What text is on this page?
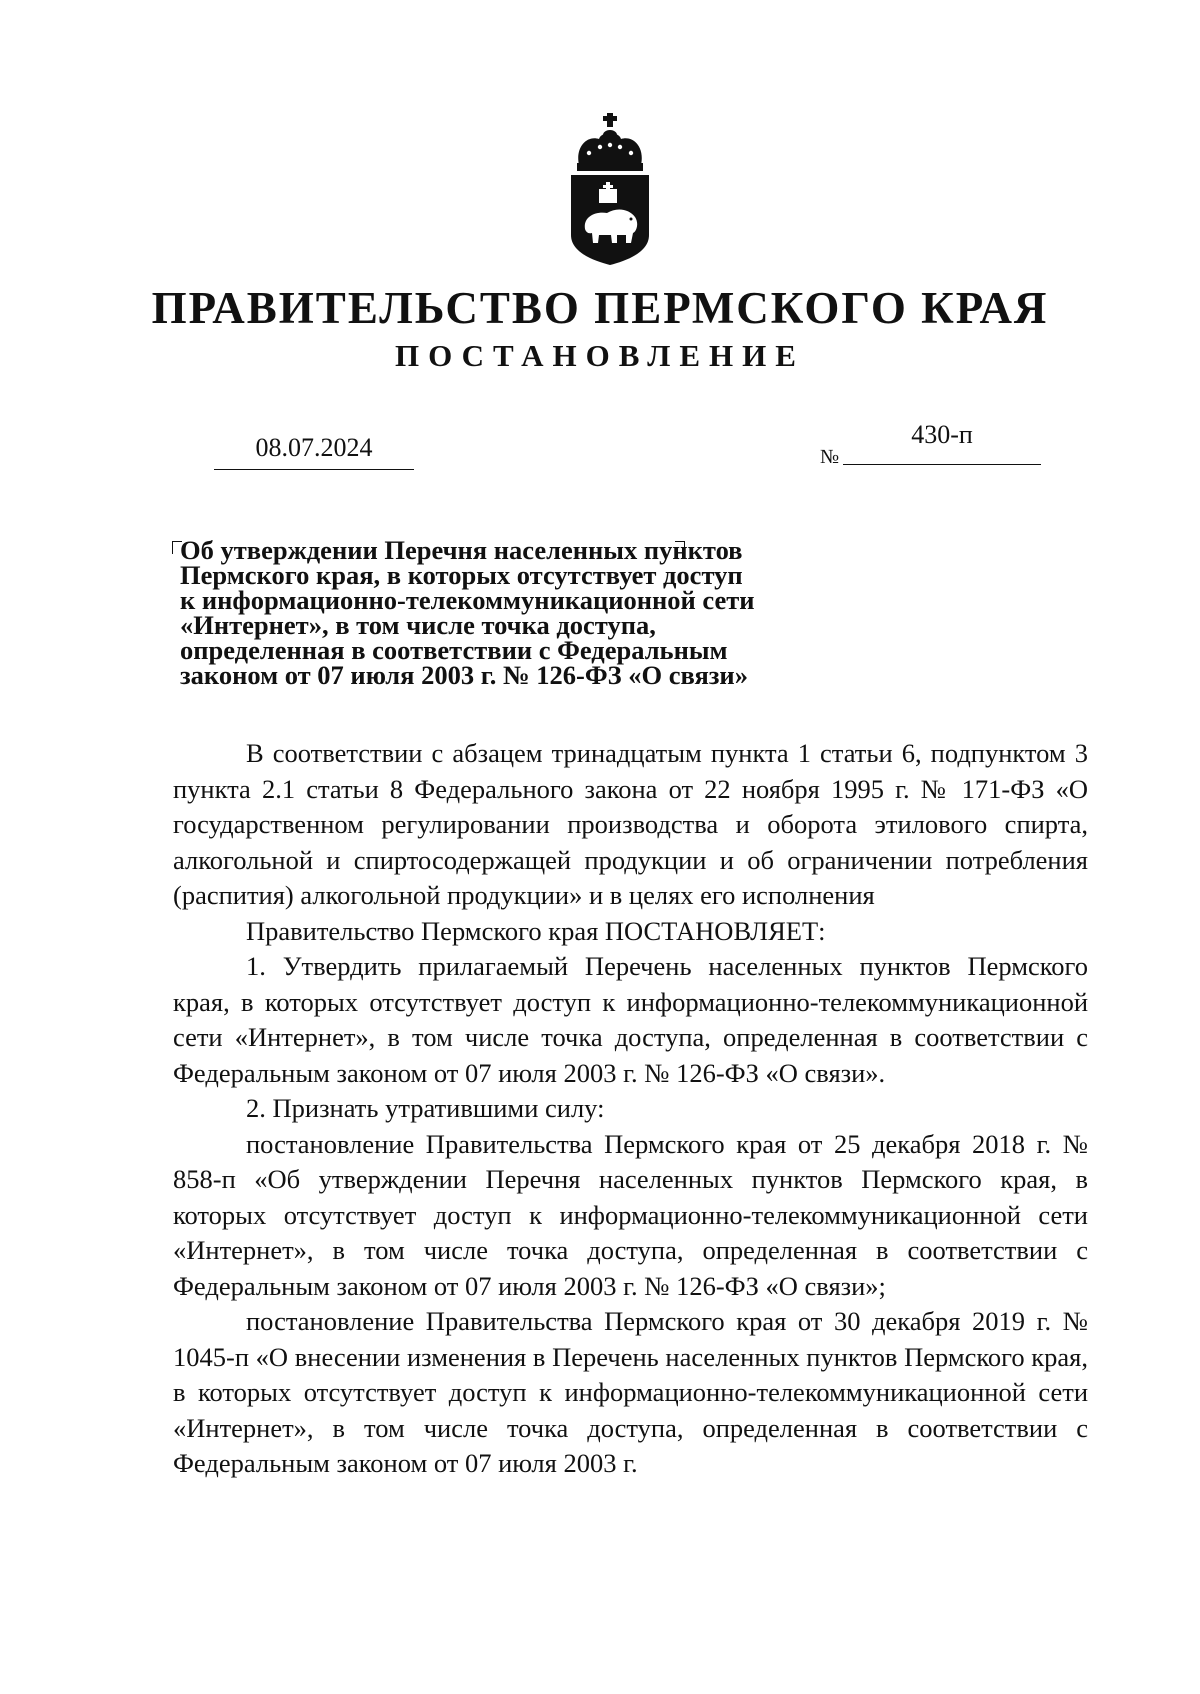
ПРАВИТЕЛЬСТВО ПЕРМСКОГО КРАЯ
ПОСТАНОВЛЕНИЕ
08.07.2024	№
430-п
Об утверждении Перечня населенных пунктов
Пермского края, в которых отсутствует доступ
к информационно-телекоммуникационной сети
«Интернет», в том числе точка доступа,
определенная в соответствии с Федеральным
законом от 07 июля 2003 г. № 126-ФЗ «О связи»

В соответствии с абзацем тринадцатым пункта 1 статьи 6, подпунктом 3 пункта 2.1 статьи 8 Федерального закона от 22 ноября 1995 г. № 171-ФЗ «О государственном регулировании производства и оборота этилового спирта, алкогольной и спиртосодержащей продукции и об ограничении потребления (распития) алкогольной продукции» и в целях его исполнения

Правительство Пермского края ПОСТАНОВЛЯЕТ:

1. Утвердить прилагаемый Перечень населенных пунктов Пермского края, в которых отсутствует доступ к информационно-телекоммуникационной сети «Интернет», в том числе точка доступа, определенная в соответствии с Федеральным законом от 07 июля 2003 г. № 126-ФЗ «О связи».

2. Признать утратившими силу:

постановление Правительства Пермского края от 25 декабря 2018 г. № 858-п «Об утверждении Перечня населенных пунктов Пермского края, в которых отсутствует доступ к информационно-телекоммуникационной сети «Интернет», в том числе точка доступа, определенная в соответствии с Федеральным законом от 07 июля 2003 г. № 126-ФЗ «О связи»;

постановление Правительства Пермского края от 30 декабря 2019 г. № 1045-п «О внесении изменения в Перечень населенных пунктов Пермского края, в которых отсутствует доступ к информационно-телекоммуникационной сети «Интернет», в том числе точка доступа, определенная в соответствии с Федеральным законом от 07 июля 2003 г.
